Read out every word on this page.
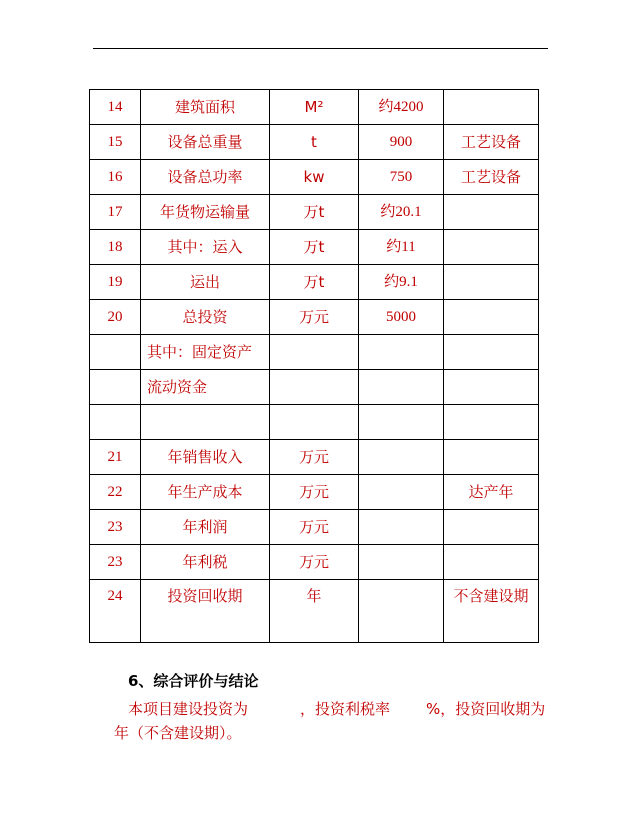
14	建筑面积	M²	约4200	
15	设备总重量	t	900	工艺设备
16	设备总功率	kw	750	工艺设备
17	年货物运输量	万t	约20.1	
18	其中：运入	万t	约11	
19	运出	万t	约9.1	
20	总投资	万元	5000	
	其中：固定资产			
	流动资金			

21	年销售收入	万元		
22	年生产成本	万元		达产年
23	年利润	万元		
23	年利税	万元		
24	投资回收期	年		不含建设期
6、综合评价与结论
本项目建设投资为	，投资利税率 %，投资回收期为年（不含建设期）。
